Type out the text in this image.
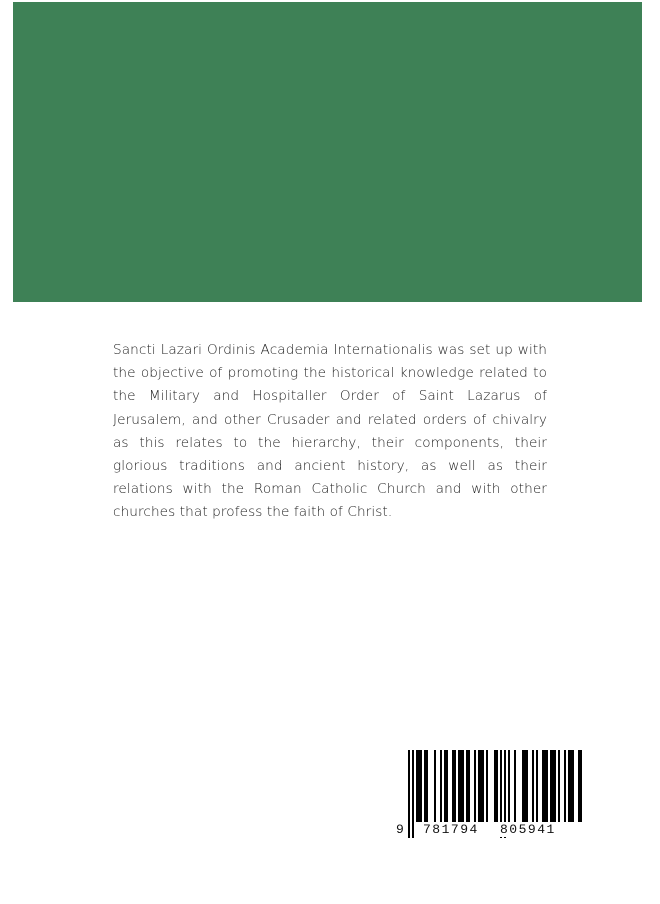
Sancti Lazari Ordinis Academia Internationalis was set up with the objective of promoting the historical knowledge related to the Military and Hospitaller Order of Saint Lazarus of Jerusalem, and other Crusader and related orders of chivalry as this relates to the hierarchy, their components, their glorious traditions and ancient history, as well as their relations with the Roman Catholic Church and with other churches that profess the faith of Christ.

9 781794 805941
